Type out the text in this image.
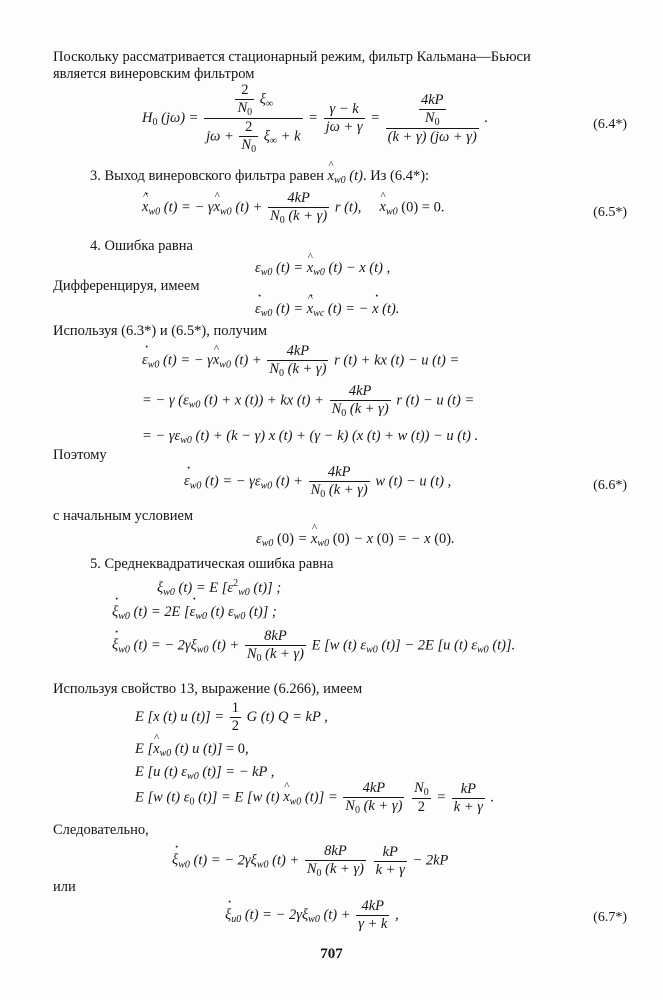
Поскольку рассматривается стационарный режим, фильтр Кальмана—Бьюси
является винеровским фильтром
$H_0$ $(j\omega) = \frac{\frac{2}{N_0} \xi_\infty}{j\omega + \frac{2}{N_0} \xi_\infty + k} = \frac{\gamma - k}{j\omega + \gamma} = \frac{\frac{4kP}{N_0}}{(k + \gamma) (j\omega + \gamma)}$ .	(6.4*)
3. Выход винеровского фильтра равен ^ $x_{w0}$ (t). Из (6.4*):
^ $x \cdot_{w0}$ (t) = − γ^ $x_{w0}$ $(t) + \frac{4kP}{N_0 (k + \gamma)}$ r (t),     ^ $x_{w0}$ (0) = 0.	(6.5*)
4. Ошибка равна
$\varepsilon_{w0}$ (t) = ^ $x_{w0}$ (t) − x (t) ,
Дифференцируя, имеем
$\varepsilon \cdot_{w0}$ (t) = ^ $x \cdot_{wc}$ (t) = − x · (t).
Используя (6.3*) и (6.5*), получим
$\varepsilon \cdot_{w0}$ (t) = − γ^ $x_{w0}$ $(t) + \frac{4kP}{N_0 (k + \gamma)}$ r (t) + kx (t) − u (t) =
= − γ ($\varepsilon_{w0}$ (t) + x (t)) + kx $(t) + \frac{4kP}{N_0 (k + \gamma)}$ r (t) − u (t) =
= − $\gamma\varepsilon_{w0}$ (t) + (k − γ) x (t) + (γ − k) (x (t) + w (t)) − u (t) .
Поэтому
$\varepsilon \cdot_{w0}$ (t) = − $\gamma\varepsilon_{w0}$ $(t) + \frac{4kP}{N_0 (k + \gamma)}$ w (t) − u (t) ,	(6.6*)
с начальным условием
$\varepsilon_{w0}$ (0) = ^ $x_{w0}$ (0) − x (0) = − x (0).
5. Среднеквадратическая ошибка равна
$\xi_{w0}$ (t) = E [$\varepsilon^2_{w0}$ (t)] ;
$\xi \cdot_{w0}$ (t) = 2E [$\varepsilon \cdot_{w0}$ (t) $\varepsilon_{w0}$ (t)] ;
$\xi \cdot_{w0}$ (t) = − $2\gamma\xi_{w0}$ $(t) + \frac{8kP}{N_0 (k + \gamma)}$ E [w (t) $\varepsilon_{w0}$ (t)] − 2E [u (t) $\varepsilon_{w0}$ (t)].
Используя свойство 13, выражение (6.266), имеем
E [x (t) u $(t)] = \frac{1}{2}$ G (t) Q = kP ,
E [^ $x_{w0}$ (t) u (t)] = 0,
E [u (t) $\varepsilon_{w0}$ (t)] = − kP ,
E [w (t) $\varepsilon_0$ (t)] = E [w (t) ^ $x_{w0}$ $(t)] = \frac{4kP}{N_0 (k + \gamma)}$
$\frac{N_0}{2} = \frac{kP}{k + \gamma}$ .
Следовательно,
$\xi \cdot_{w0}$ (t) = − $2\gamma\xi_{w0}$ $(t) + \frac{8kP}{N_0 (k + \gamma)}$
$\frac{kP}{k + \gamma} - 2kP$
или
$\xi \cdot_{u0}$ (t) = − $2\gamma\xi_{w0}$ $(t) + \frac{4kP}{\gamma + k}$ ,	(6.7*)
707
